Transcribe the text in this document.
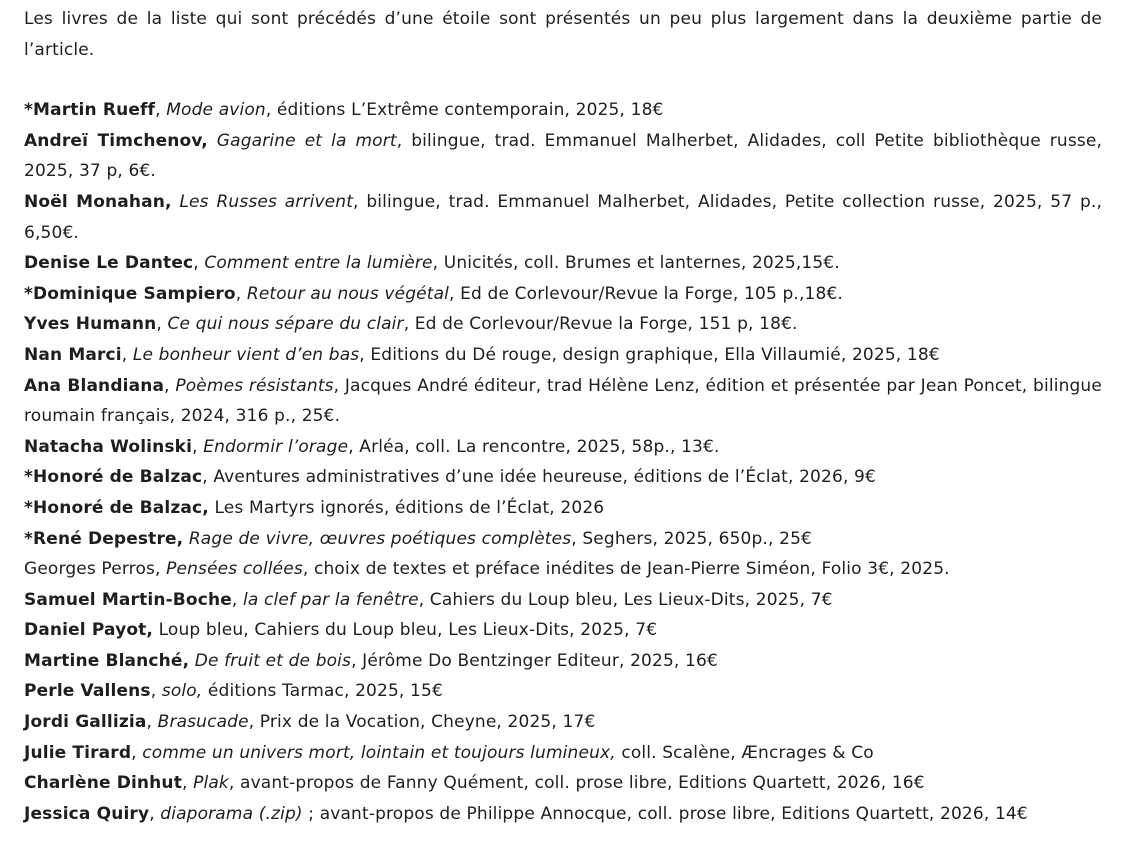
Les livres de la liste qui sont précédés d’une étoile sont présentés un peu plus largement dans la deuxième partie de l’article.

*Martin Rueff, Mode avion, éditions L’Extrême contemporain, 2025, 18€

Andreï Timchenov, Gagarine et la mort, bilingue, trad. Emmanuel Malherbet, Alidades, coll Petite bibliothèque russe, 2025, 37 p, 6€.

Noël Monahan, Les Russes arrivent, bilingue, trad. Emmanuel Malherbet, Alidades, Petite collection russe, 2025, 57 p., 6,50€.

Denise Le Dantec, Comment entre la lumière, Unicités, coll. Brumes et lanternes, 2025,15€.

*Dominique Sampiero, Retour au nous végétal, Ed de Corlevour/Revue la Forge, 105 p.,18€.

Yves Humann, Ce qui nous sépare du clair, Ed de Corlevour/Revue la Forge, 151 p, 18€.

Nan Marci, Le bonheur vient d’en bas, Editions du Dé rouge, design graphique, Ella Villaumié, 2025, 18€

Ana Blandiana, Poèmes résistants, Jacques André éditeur, trad Hélène Lenz, édition et présentée par Jean Poncet, bilingue roumain français, 2024, 316 p., 25€.

Natacha Wolinski, Endormir l’orage, Arléa, coll. La rencontre, 2025, 58p., 13€.

*Honoré de Balzac, Aventures administratives d’une idée heureuse, éditions de l’Éclat, 2026, 9€

*Honoré de Balzac, Les Martyrs ignorés, éditions de l’Éclat, 2026

*René Depestre, Rage de vivre, œuvres poétiques complètes, Seghers, 2025, 650p., 25€

Georges Perros, Pensées collées, choix de textes et préface inédites de Jean-Pierre Siméon, Folio 3€, 2025.

Samuel Martin-Boche, la clef par la fenêtre, Cahiers du Loup bleu, Les Lieux-Dits, 2025, 7€

Daniel Payot, Loup bleu, Cahiers du Loup bleu, Les Lieux-Dits, 2025, 7€

Martine Blanché, De fruit et de bois, Jérôme Do Bentzinger Editeur, 2025, 16€

Perle Vallens, solo, éditions Tarmac, 2025, 15€

Jordi Gallizia, Brasucade, Prix de la Vocation, Cheyne, 2025, 17€

Julie Tirard, comme un univers mort, lointain et toujours lumineux, coll. Scalène, Æncrages & Co

Charlène Dinhut, Plak, avant-propos de Fanny Quément, coll. prose libre, Editions Quartett, 2026, 16€

Jessica Quiry, diaporama (.zip) ; avant-propos de Philippe Annocque, coll. prose libre, Editions Quartett, 2026, 14€
